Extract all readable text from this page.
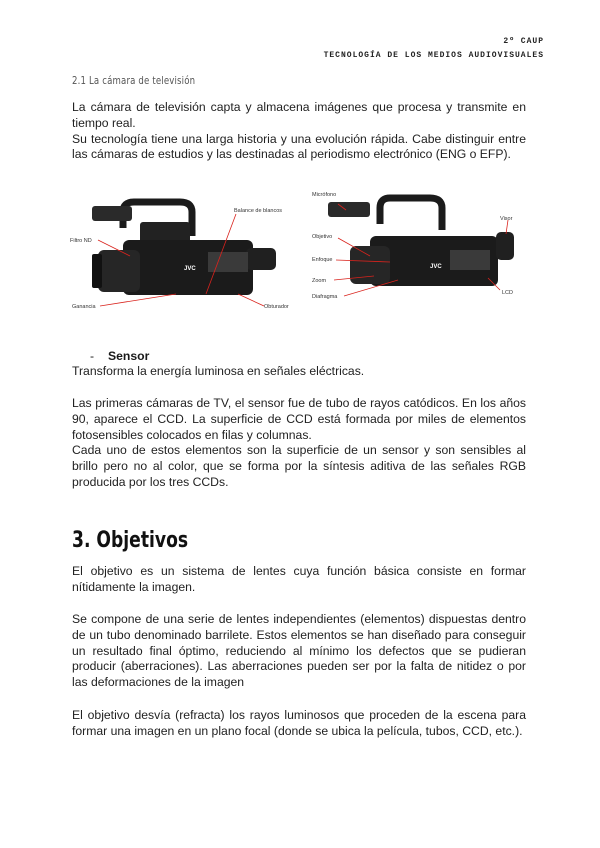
2º CAUP
TECNOLOGÍA DE LOS MEDIOS AUDIOVISUALES
2.1 La cámara de televisión

La cámara de televisión capta y almacena imágenes que procesa y transmite en tiempo real.
Su tecnología tiene una larga historia y una evolución rápida. Cabe distinguir entre las cámaras de estudios y las destinadas al periodismo electrónico (ENG o EFP).

JVC
Filtro ND
Balance de blancos
Ganancia	Obturador
JVC
Micrófono
Visor
Objetivo
Enfoque
Zoom
Diafragma
LCD
- Sensor

Transforma la energía luminosa en señales eléctricas.

Las primeras cámaras de TV, el sensor fue de tubo de rayos catódicos. En los años 90, aparece el CCD. La superficie de CCD está formada por miles de elementos fotosensibles colocados en filas y columnas.
Cada uno de estos elementos son la superficie de un sensor y son sensibles al brillo pero no al color, que se forma por la síntesis aditiva de las señales RGB producida por los tres CCDs.

3. Objetivos

El objetivo es un sistema de lentes cuya función básica consiste en formar nítidamente la imagen.

Se compone de una serie de lentes independientes (elementos) dispuestas dentro de un tubo denominado barrilete. Estos elementos se han diseñado para conseguir un resultado final óptimo, reduciendo al mínimo los defectos que se pudieran producir (aberraciones). Las aberraciones pueden ser por la falta de nitidez o por las deformaciones de la imagen

El objetivo desvía (refracta) los rayos luminosos que proceden de la escena para formar una imagen en un plano focal (donde se ubica la película, tubos, CCD, etc.).
